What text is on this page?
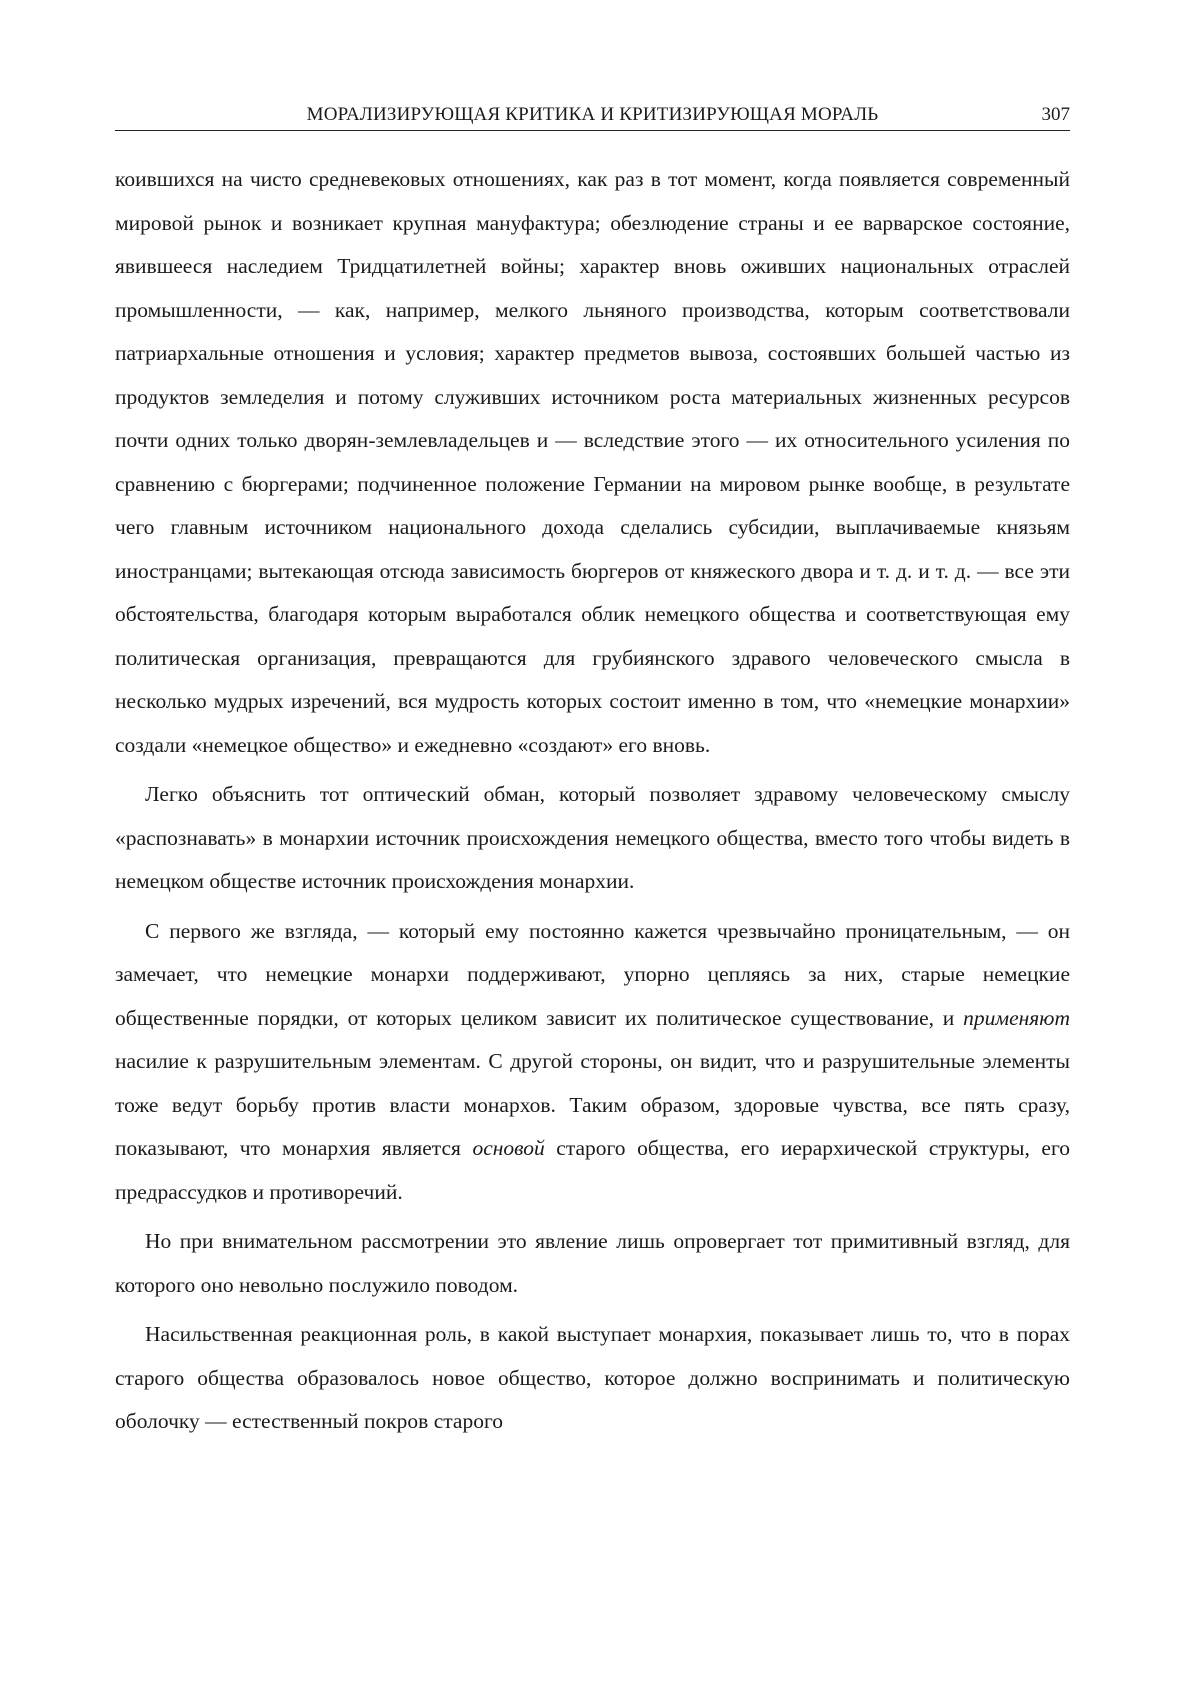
МОРАЛИЗИРУЮЩАЯ КРИТИКА И КРИТИЗИРУЮЩАЯ МОРАЛЬ	307

коившихся на чисто средневековых отношениях, как раз в тот момент, когда появляется современный мировой рынок и возникает крупная мануфактура; обезлюдение страны и ее варварское состояние, явившееся наследием Тридцатилетней войны; характер вновь оживших национальных отраслей промышленности, — как, например, мелкого льняного производства, которым соответствовали патриархальные отношения и условия; характер предметов вывоза, состоявших большей частью из продуктов земледелия и потому служивших источником роста материальных жизненных ресурсов почти одних только дворян-землевладельцев и — вследствие этого — их относительного усиления по сравнению с бюргерами; подчиненное положение Германии на мировом рынке вообще, в результате чего главным источником национального дохода сделались субсидии, выплачиваемые князьям иностранцами; вытекающая отсюда зависимость бюргеров от княжеского двора и т. д. и т. д. — все эти обстоятельства, благодаря которым выработался облик немецкого общества и соответствующая ему политическая организация, превращаются для грубиянского здравого человеческого смысла в несколько мудрых изречений, вся мудрость которых состоит именно в том, что «немецкие монархии» создали «немецкое общество» и ежедневно «создают» его вновь.

Легко объяснить тот оптический обман, который позволяет здравому человеческому смыслу «распознавать» в монархии источник происхождения немецкого общества, вместо того чтобы видеть в немецком обществе источник происхождения монархии.

С первого же взгляда, — который ему постоянно кажется чрезвычайно проницательным, — он замечает, что немецкие монархи поддерживают, упорно цепляясь за них, старые немецкие общественные порядки, от которых целиком зависит их политическое существование, и применяют насилие к разрушительным элементам. С другой стороны, он видит, что и разрушительные элементы тоже ведут борьбу против власти монархов. Таким образом, здоровые чувства, все пять сразу, показывают, что монархия является основой старого общества, его иерархической структуры, его предрассудков и противоречий.

Но при внимательном рассмотрении это явление лишь опровергает тот примитивный взгляд, для которого оно невольно послужило поводом.

Насильственная реакционная роль, в какой выступает монархия, показывает лишь то, что в порах старого общества образовалось новое общество, которое должно воспринимать и политическую оболочку — естественный покров старого
